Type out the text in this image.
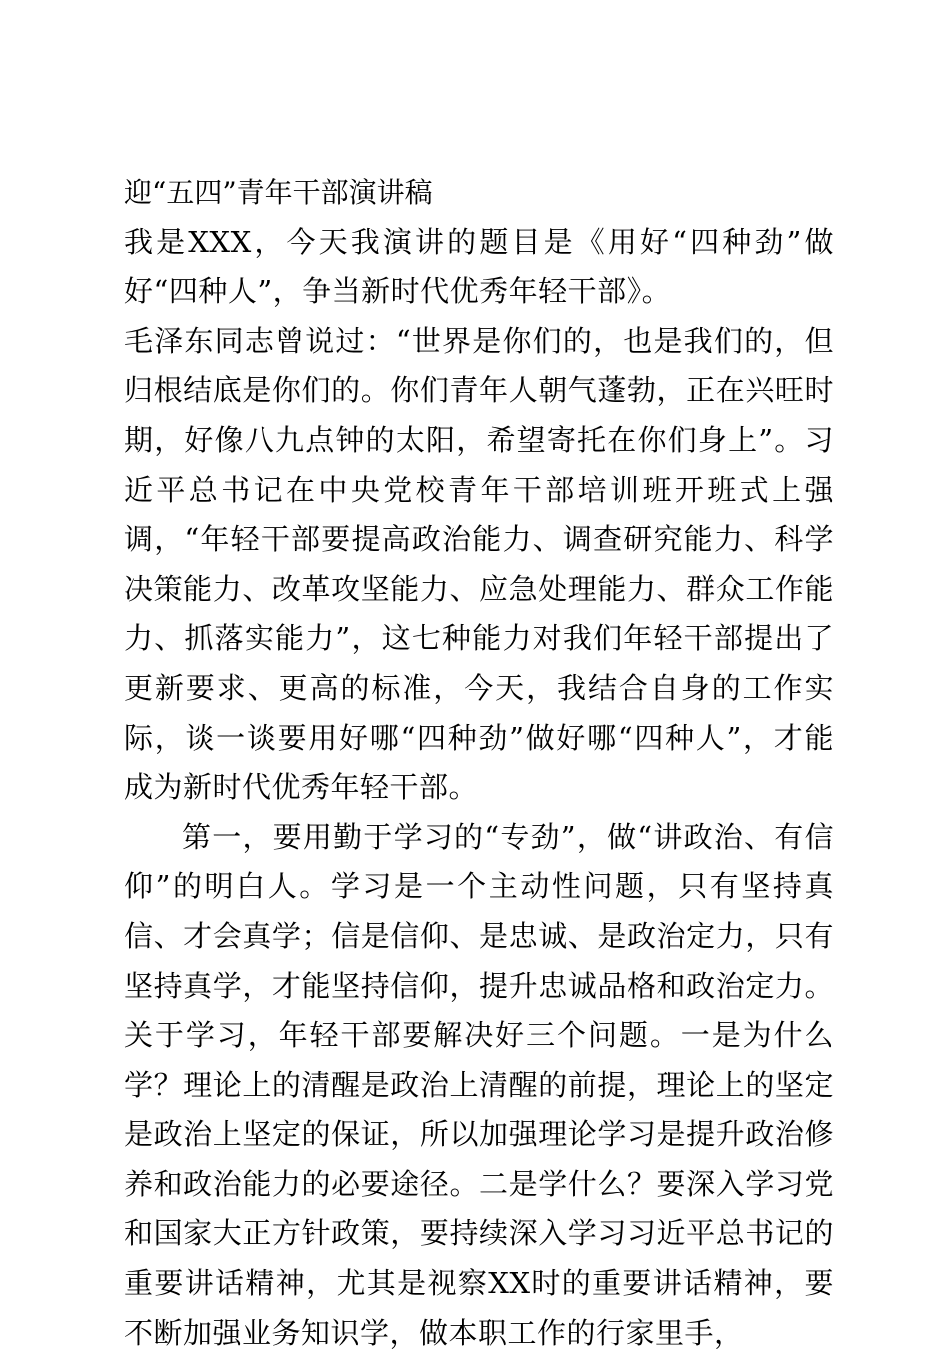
迎“五四”青年干部演讲稿

我是XXX，今天我演讲的题目是《用好“四种劲”做好“四种人”，争当新时代优秀年轻干部》。

毛泽东同志曾说过：“世界是你们的，也是我们的，但归根结底是你们的。你们青年人朝气蓬勃，正在兴旺时期，好像八九点钟的太阳，希望寄托在你们身上”。习近平总书记在中央党校青年干部培训班开班式上强调，“年轻干部要提高政治能力、调查研究能力、科学决策能力、改革攻坚能力、应急处理能力、群众工作能力、抓落实能力”，这七种能力对我们年轻干部提出了更新要求、更高的标准，今天，我结合自身的工作实际，谈一谈要用好哪“四种劲”做好哪“四种人”，才能成为新时代优秀年轻干部。

第一，要用勤于学习的“专劲”，做“讲政治、有信仰”的明白人。学习是一个主动性问题，只有坚持真信、才会真学；信是信仰、是忠诚、是政治定力，只有坚持真学，才能坚持信仰，提升忠诚品格和政治定力。关于学习，年轻干部要解决好三个问题。一是为什么学？理论上的清醒是政治上清醒的前提，理论上的坚定是政治上坚定的保证，所以加强理论学习是提升政治修养和政治能力的必要途径。二是学什么？要深入学习党和国家大正方针政策，要持续深入学习习近平总书记的重要讲话精神，尤其是视察XX时的重要讲话精神，要不断加强业务知识学，做本职工作的行家里手，
